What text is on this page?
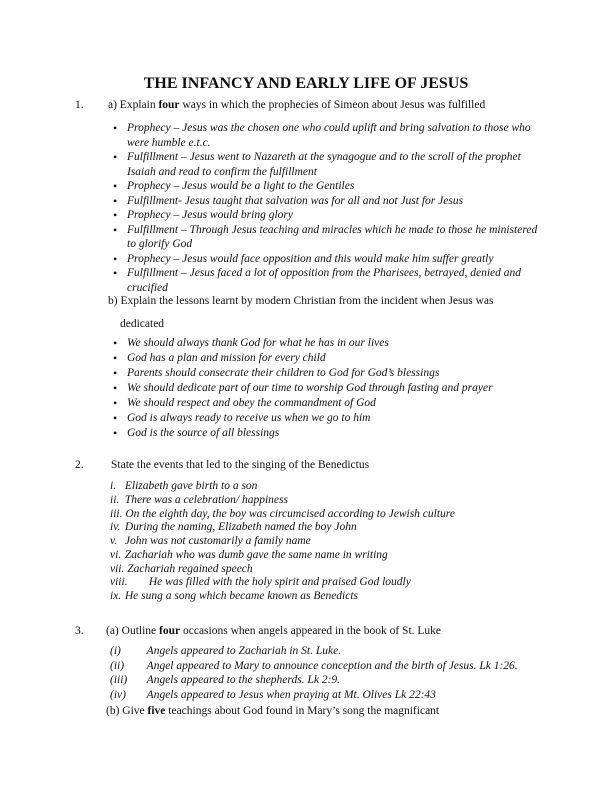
THE INFANCY AND EARLY LIFE OF JESUS
1. a) Explain four ways in which the prophecies of Simeon about Jesus was fulfilled
• Prophecy – Jesus was the chosen one who could uplift and bring salvation to those who were humble e.t.c.
• Fulfillment – Jesus went to Nazareth at the synagogue and to the scroll of the prophet Isaiah and read to confirm the fulfillment
• Prophecy – Jesus would be a light to the Gentiles
• Fulfillment- Jesus taught that salvation was for all and not Just for Jesus
• Prophecy – Jesus would bring glory
• Fulfillment – Through Jesus teaching and miracles which he made to those he ministered to glorify God
• Prophecy – Jesus would face opposition and this would make him suffer greatly
• Fulfillment – Jesus faced a lot of opposition from the Pharisees, betrayed, denied and crucified
b) Explain the lessons learnt by modern Christian from the incident when Jesus was
dedicated
• We should always thank God for what he has in our lives
• God has a plan and mission for every child
• Parents should consecrate their children to God for God’s blessings
• We should dedicate part of our time to worship God through fasting and prayer
• We should respect and obey the commandment of God
• God is always ready to receive us when we go to him
• God is the source of all blessings
2. State the events that led to the singing of the Benedictus
i. Elizabeth gave birth to a son
ii. There was a celebration/ happiness
iii. On the eighth day, the boy was circumcised according to Jewish culture
iv. During the naming, Elizabeth named the boy John
v. John was not customarily a family name
vi. Zachariah who was dumb gave the same name in writing
vii. Zachariah regained speech
viii. He was filled with the holy spirit and praised God loudly
ix. He sung a song which became known as Benedicts
3. (a) Outline four occasions when angels appeared in the book of St. Luke
(i) Angels appeared to Zachariah in St. Luke.
(ii) Angel appeared to Mary to announce conception and the birth of Jesus. Lk 1:26.
(iii) Angels appeared to the shepherds. Lk 2:9.
(iv) Angels appeared to Jesus when praying at Mt. Olives Lk 22:43
(b) Give five teachings about God found in Mary’s song the magnificant
